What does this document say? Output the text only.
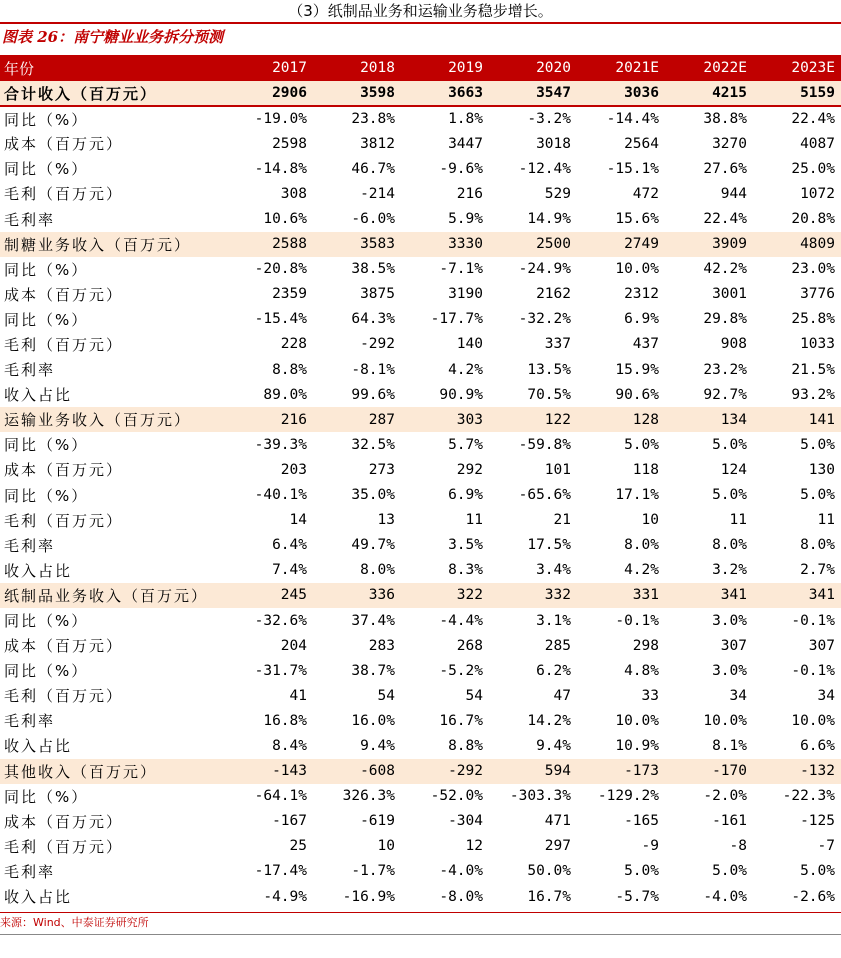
（3）纸制品业务和运输业务稳步增长。
图表 26：南宁糖业业务拆分预测
年份	2017	2018	2019	2020	2021E	2022E	2023E
合计收入（百万元）	2906	3598	3663	3547	3036	4215	5159
同比（%）	-19.0%	23.8%	1.8%	-3.2%	-14.4%	38.8%	22.4%
成本（百万元）	2598	3812	3447	3018	2564	3270	4087
同比（%）	-14.8%	46.7%	-9.6%	-12.4%	-15.1%	27.6%	25.0%
毛利（百万元）	308	-214	216	529	472	944	1072
毛利率	10.6%	-6.0%	5.9%	14.9%	15.6%	22.4%	20.8%
制糖业务收入（百万元）	2588	3583	3330	2500	2749	3909	4809
同比（%）	-20.8%	38.5%	-7.1%	-24.9%	10.0%	42.2%	23.0%
成本（百万元）	2359	3875	3190	2162	2312	3001	3776
同比（%）	-15.4%	64.3%	-17.7%	-32.2%	6.9%	29.8%	25.8%
毛利（百万元）	228	-292	140	337	437	908	1033
毛利率	8.8%	-8.1%	4.2%	13.5%	15.9%	23.2%	21.5%
收入占比	89.0%	99.6%	90.9%	70.5%	90.6%	92.7%	93.2%
运输业务收入（百万元）	216	287	303	122	128	134	141
同比（%）	-39.3%	32.5%	5.7%	-59.8%	5.0%	5.0%	5.0%
成本（百万元）	203	273	292	101	118	124	130
同比（%）	-40.1%	35.0%	6.9%	-65.6%	17.1%	5.0%	5.0%
毛利（百万元）	14	13	11	21	10	11	11
毛利率	6.4%	49.7%	3.5%	17.5%	8.0%	8.0%	8.0%
收入占比	7.4%	8.0%	8.3%	3.4%	4.2%	3.2%	2.7%
纸制品业务收入（百万元）	245	336	322	332	331	341	341
同比（%）	-32.6%	37.4%	-4.4%	3.1%	-0.1%	3.0%	-0.1%
成本（百万元）	204	283	268	285	298	307	307
同比（%）	-31.7%	38.7%	-5.2%	6.2%	4.8%	3.0%	-0.1%
毛利（百万元）	41	54	54	47	33	34	34
毛利率	16.8%	16.0%	16.7%	14.2%	10.0%	10.0%	10.0%
收入占比	8.4%	9.4%	8.8%	9.4%	10.9%	8.1%	6.6%
其他收入（百万元）	-143	-608	-292	594	-173	-170	-132
同比（%）	-64.1%	326.3%	-52.0%	-303.3%	-129.2%	-2.0%	-22.3%
成本（百万元）	-167	-619	-304	471	-165	-161	-125
毛利（百万元）	25	10	12	297	-9	-8	-7
毛利率	-17.4%	-1.7%	-4.0%	50.0%	5.0%	5.0%	5.0%
收入占比	-4.9%	-16.9%	-8.0%	16.7%	-5.7%	-4.0%	-2.6%
来源：Wind、中泰证券研究所
